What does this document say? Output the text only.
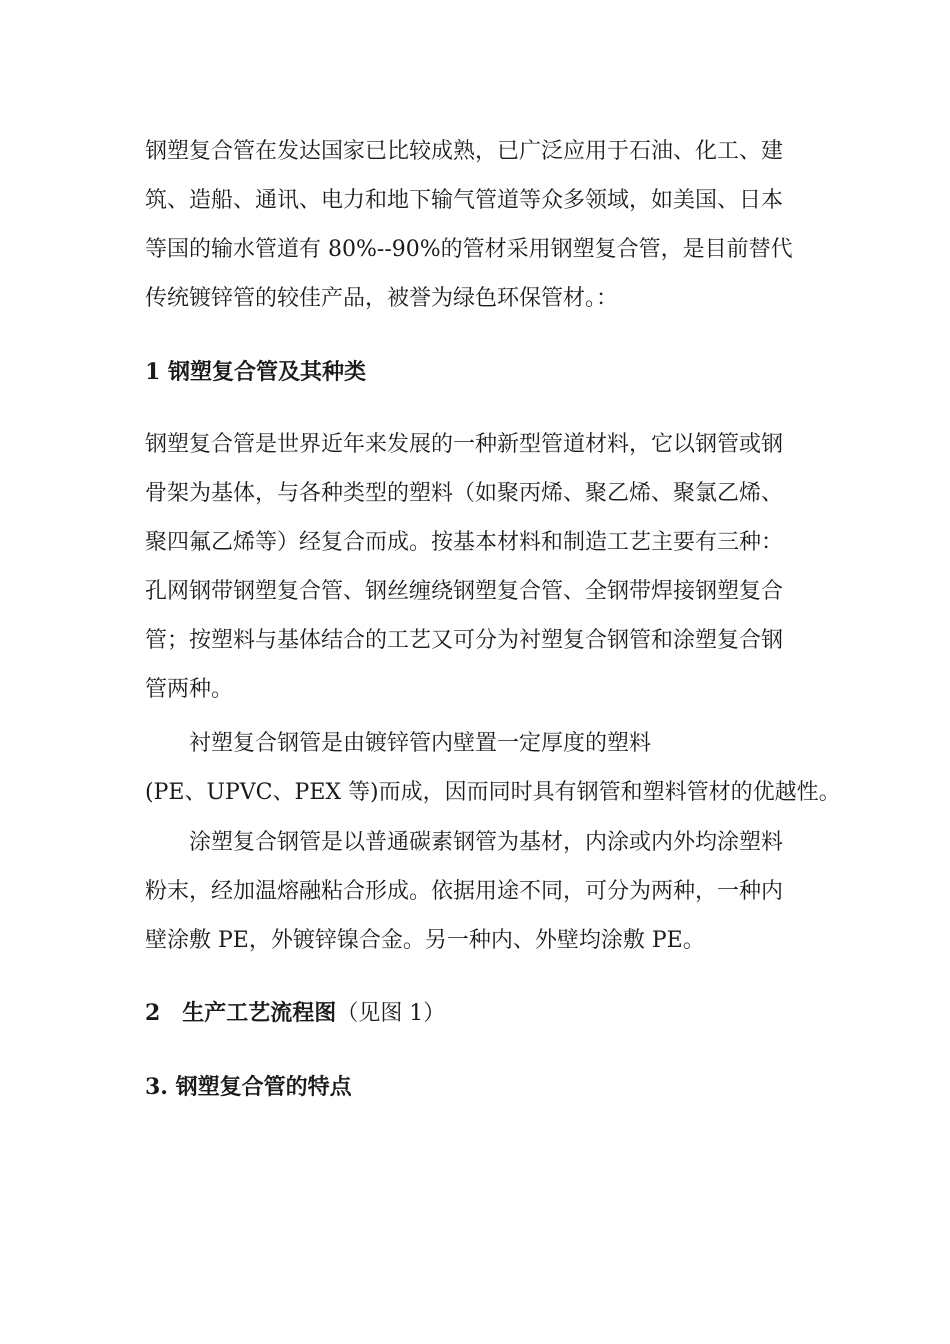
钢塑复合管在发达国家已比较成熟，已广泛应用于石油、化工、建
筑、造船、通讯、电力和地下输气管道等众多领域，如美国、日本
等国的输水管道有 80%--90%的管材采用钢塑复合管，是目前替代
传统镀锌管的较佳产品，被誉为绿色环保管材。：
1 钢塑复合管及其种类
钢塑复合管是世界近年来发展的一种新型管道材料，它以钢管或钢
骨架为基体，与各种类型的塑料（如聚丙烯、聚乙烯、聚氯乙烯、
聚四氟乙烯等）经复合而成。按基本材料和制造工艺主要有三种：
孔网钢带钢塑复合管、钢丝缠绕钢塑复合管、全钢带焊接钢塑复合
管；按塑料与基体结合的工艺又可分为衬塑复合钢管和涂塑复合钢
管两种。
衬塑复合钢管是由镀锌管内壁置一定厚度的塑料
(PE、UPVC、PEX 等)而成，因而同时具有钢管和塑料管材的优越性。
涂塑复合钢管是以普通碳素钢管为基材，内涂或内外均涂塑料
粉末，经加温熔融粘合形成。依据用途不同，可分为两种，一种内
壁涂敷 PE，外镀锌镍合金。另一种内、外壁均涂敷 PE。
2　生产工艺流程图（见图 1）
3. 钢塑复合管的特点
